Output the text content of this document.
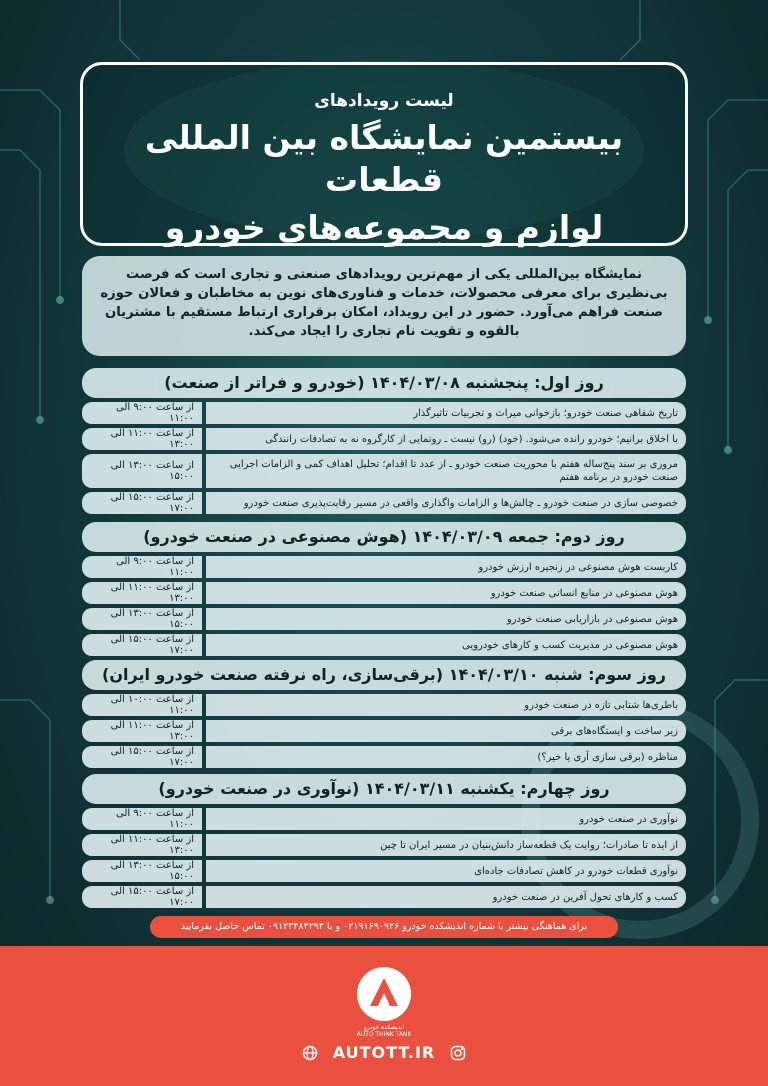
لیست رویدادهای
بیستمین نمایشگاه بین المللی قطعات
لوازم و مجموعه‌های خودرو
نمایشگاه بین‌المللی یکی از مهم‌ترین رویدادهای صنعتی و تجاری است که فرصت بی‌نظیری برای معرفی محصولات، خدمات و فناوری‌های نوین به مخاطبان و فعالان حوزه صنعت فراهم می‌آورد. حضور در این رویداد، امکان برقراری ارتباط مستقیم با مشتریان بالقوه و تقویت نام تجاری را ایجاد می‌کند.
روز اول: پنجشنبه ۱۴۰۴/۰۳/۰۸ (خودرو و فراتر از صنعت)
تاریخ شفاهی صنعت خودرو؛ بازخوانی میراث و تجربیات تاثیرگذار
از ساعت ۹:۰۰ الی ۱۱:۰۰
با اخلاق برانیم؛ خودرو رانده می‌شود. (خود) (رو) نیست ـ روتمایی از کارگروه نه به تصادفات رانندگی
از ساعت ۱۱:۰۰ الی ۱۳:۰۰
مروری بر سند پنج‌ساله هفتم با محوریت صنعت خودرو ـ از عدد تا اقدام؛ تحلیل اهداف کمی و الزامات اجرایی صنعت خودرو در برنامه هفتم
از ساعت ۱۳:۰۰ الی ۱۵:۰۰
خصوصی سازی در صنعت خودرو ـ چالش‌ها و الزامات واگذاری واقعی در مسیر رقابت‌پذیری صنعت خودرو
از ساعت ۱۵:۰۰ الی ۱۷:۰۰
روز دوم: جمعه ۱۴۰۴/۰۳/۰۹ (هوش مصنوعی در صنعت خودرو)
کاربست هوش مصنوعی در زنجیره ارزش خودرو
از ساعت ۹:۰۰ الی ۱۱:۰۰
هوش مصنوعی در منابع انسانی صنعت خودرو
از ساعت ۱۱:۰۰ الی ۱۳:۰۰
هوش مصنوعی در بازاریابی صنعت خودرو
از ساعت ۱۳:۰۰ الی ۱۵:۰۰
هوش مصنوعی در مدیریت کسب و کارهای خودرویی
از ساعت ۱۵:۰۰ الی ۱۷:۰۰
روز سوم: شنبه ۱۴۰۴/۰۳/۱۰ (برقی‌سازی، راه نرفته صنعت خودرو ایران)
باطری‌ها شتابی تازه در صنعت خودرو
از ساعت ۱۰:۰۰ الی ۱۱:۰۰
زیر ساخت و ایستگاه‌های برقی
از ساعت ۱۱:۰۰ الی ۱۳:۰۰
مناظره (برقی سازی آری یا خیر؟)
از ساعت ۱۵:۰۰ الی ۱۷:۰۰
روز چهارم: یکشنبه ۱۴۰۴/۰۳/۱۱ (نوآوری در صنعت خودرو)
نوآوری در صنعت خودرو
از ساعت ۹:۰۰ الی ۱۱:۰۰
از ایده تا صادرات؛ روایت یک قطعه‌ساز دانش‌بنیان در مسیر ایران تا چین
از ساعت ۱۱:۰۰ الی ۱۳:۰۰
نوآوری قطعات خودرو در کاهش تصادفات جاده‌ای
از ساعت ۱۳:۰۰ الی ۱۵:۰۰
کسب و کارهای تحول آفرین در صنعت خودرو
از ساعت ۱۵:۰۰ الی ۱۷:۰۰
برای هماهنگی بیشتر با شماره اندیشکده خودرو ۰۲۱۹۱۶۹۰۹۲۶ و یا ۰۹۱۲۳۴۸۴۲۹۳ تماس حاصل بفرمایید
اندیشکده خودرو
AUTO THINK TANK
AUTOTT.IR
